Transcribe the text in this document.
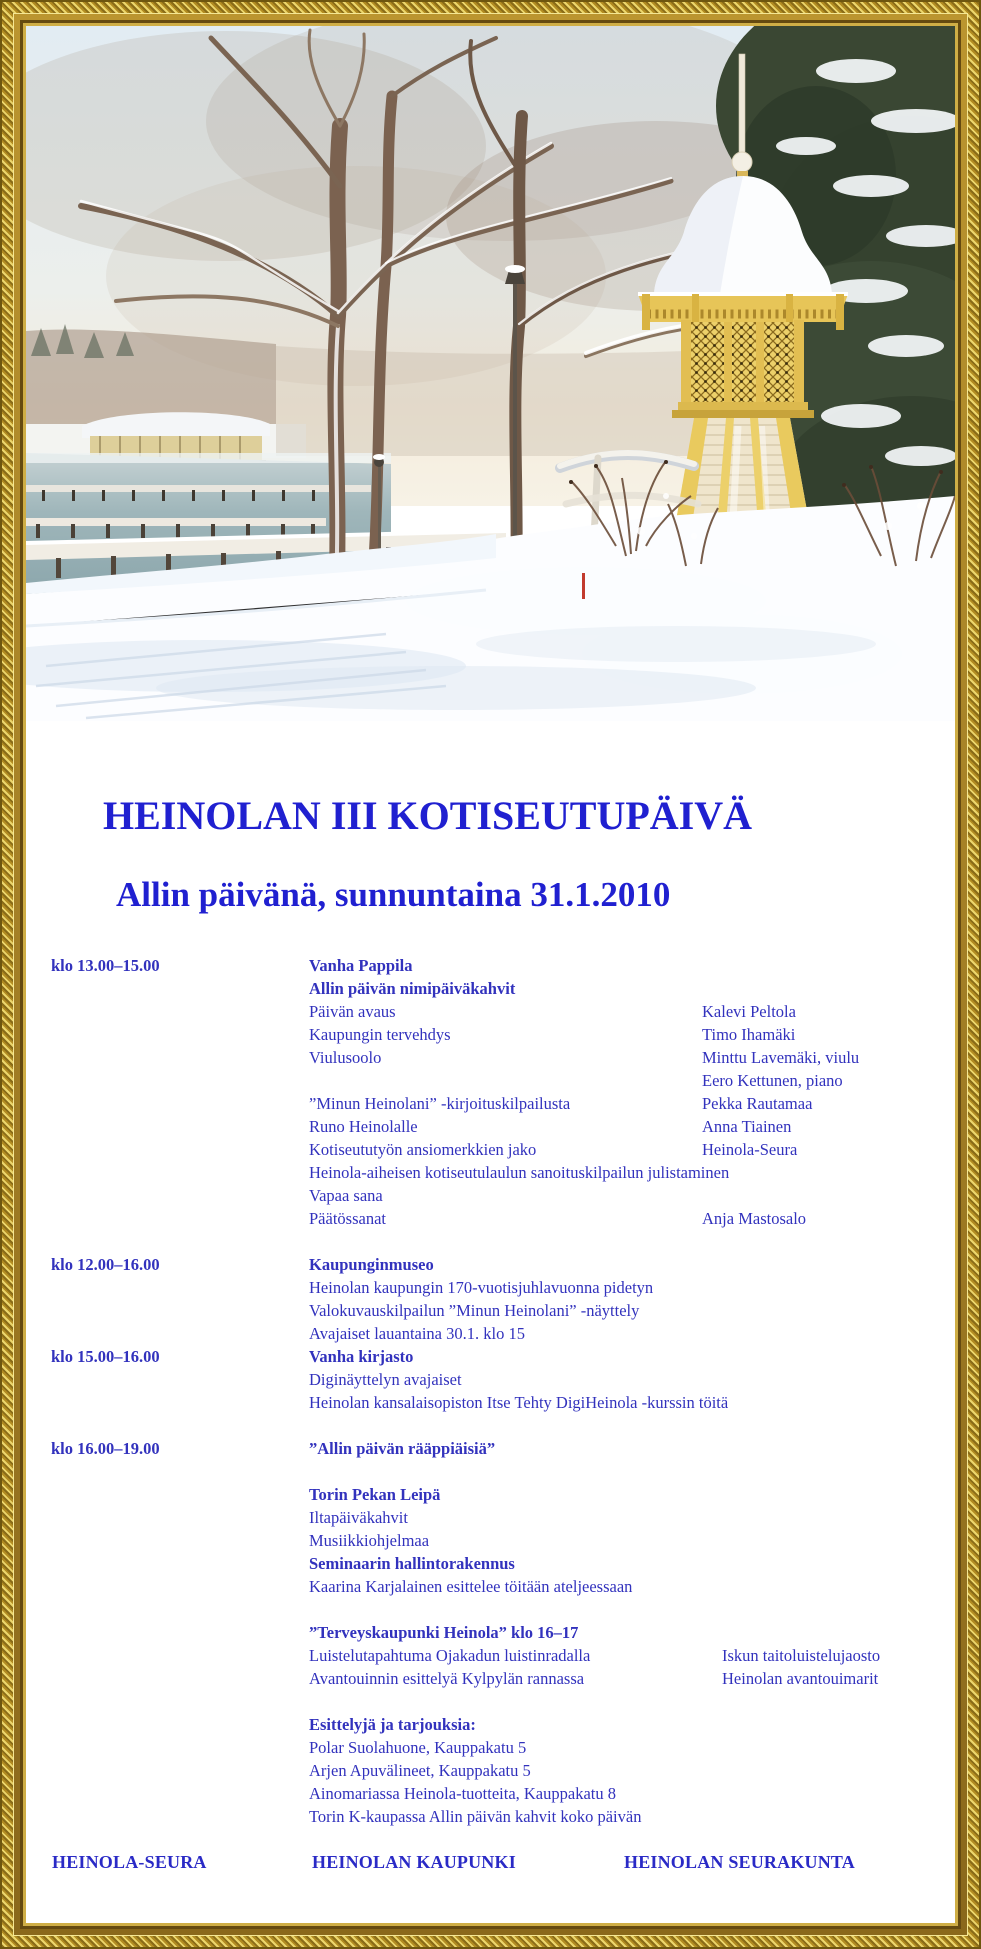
HEINOLAN III KOTISEUTUPÄIVÄ
Allin päivänä, sunnuntaina 31.1.2010
klo 13.00–15.00	Vanha Pappila
Allin päivän nimipäiväkahvit
Päivän avaus	Kalevi Peltola
Kaupungin tervehdys	Timo Ihamäki
Viulusoolo	Minttu Lavemäki, viulu
Eero Kettunen, piano
”Minun Heinolani” -kirjoituskilpailusta	Pekka Rautamaa
Runo Heinolalle	Anna Tiainen
Kotiseututyön ansiomerkkien jako	Heinola-Seura
Heinola-aiheisen kotiseutulaulun sanoituskilpailun julistaminen
Vapaa sana
Päätössanat	Anja Mastosalo
klo 12.00–16.00	Kaupunginmuseo
Heinolan kaupungin 170-vuotisjuhlavuonna pidetyn
Valokuvauskilpailun ”Minun Heinolani” -näyttely
Avajaiset lauantaina 30.1. klo 15
klo 15.00–16.00	Vanha kirjasto
Diginäyttelyn avajaiset
Heinolan kansalaisopiston Itse Tehty DigiHeinola -kurssin töitä
klo 16.00–19.00	”Allin päivän rääppiäisiä”
Torin Pekan Leipä
Iltapäiväkahvit
Musiikkiohjelmaa
Seminaarin hallintorakennus
Kaarina Karjalainen esittelee töitään ateljeessaan
”Terveyskaupunki Heinola” klo 16–17
Luistelutapahtuma Ojakadun luistinradalla	Iskun taitoluistelujaosto
Avantouinnin esittelyä Kylpylän rannassa	Heinolan avantouimarit
Esittelyjä ja tarjouksia:
Polar Suolahuone, Kauppakatu 5
Arjen Apuvälineet, Kauppakatu 5
Ainomariassa Heinola-tuotteita, Kauppakatu 8
Torin K-kaupassa Allin päivän kahvit koko päivän
HEINOLA-SEURA	HEINOLAN KAUPUNKI	HEINOLAN SEURAKUNTA
